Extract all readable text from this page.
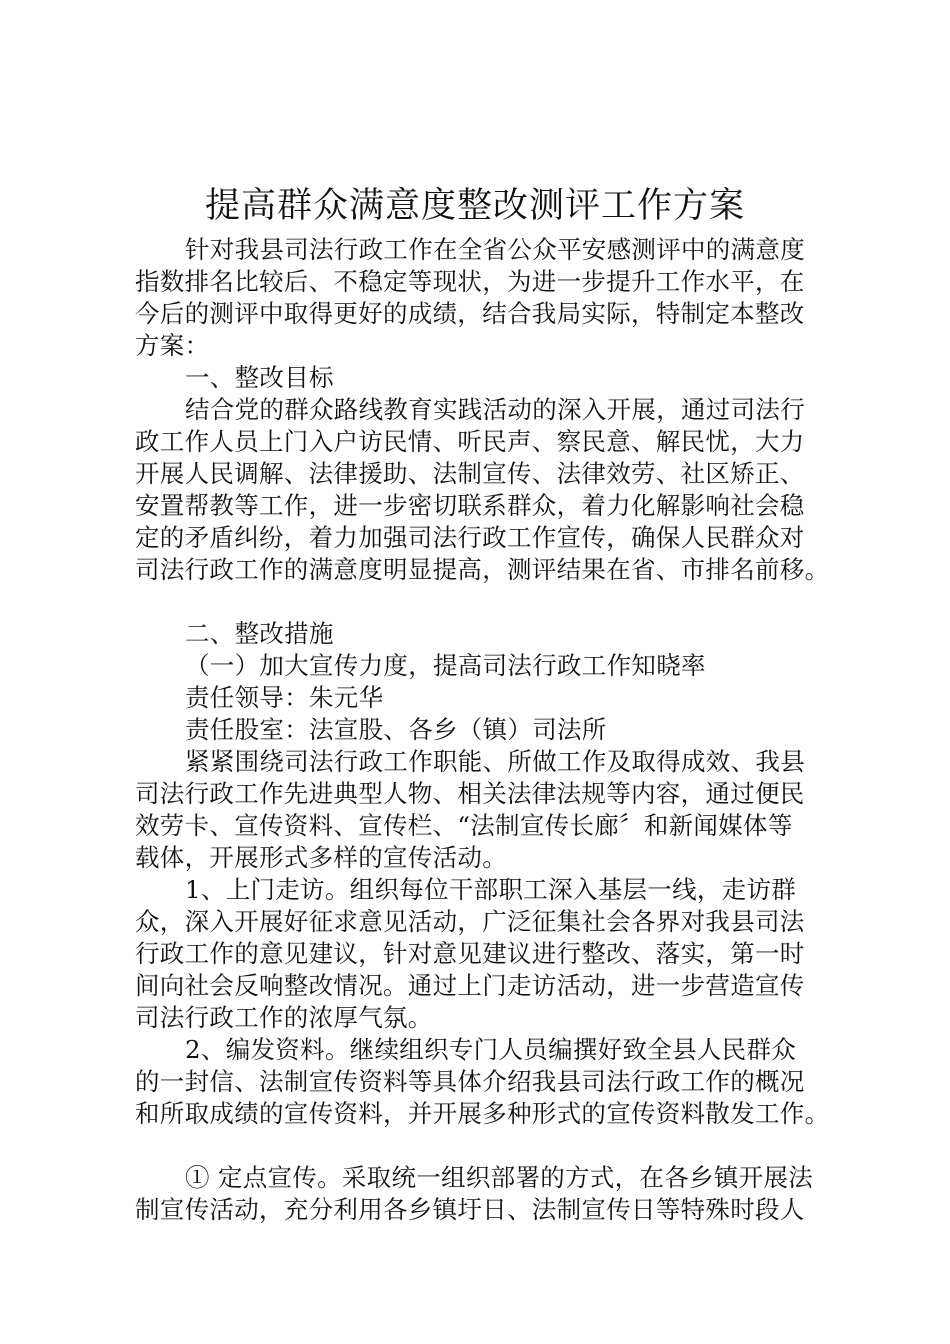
提高群众满意度整改测评工作方案
针对我县司法行政工作在全省公众平安感测评中的满意度
指数排名比较后、不稳定等现状，为进一步提升工作水平，在
今后的测评中取得更好的成绩，结合我局实际，特制定本整改
方案：
一、整改目标
结合党的群众路线教育实践活动的深入开展，通过司法行
政工作人员上门入户访民情、听民声、察民意、解民忧，大力
开展人民调解、法律援助、法制宣传、法律效劳、社区矫正、
安置帮教等工作，进一步密切联系群众，着力化解影响社会稳
定的矛盾纠纷，着力加强司法行政工作宣传，确保人民群众对
司法行政工作的满意度明显提高，测评结果在省、市排名前移。
二、整改措施
（一）加大宣传力度，提高司法行政工作知晓率
责任领导：朱元华
责任股室：法宣股、各乡（镇）司法所
紧紧围绕司法行政工作职能、所做工作及取得成效、我县
司法行政工作先进典型人物、相关法律法规等内容，通过便民
效劳卡、宣传资料、宣传栏、“法制宣传长廊〞和新闻媒体等
载体，开展形式多样的宣传活动。
1、上门走访。组织每位干部职工深入基层一线，走访群
众，深入开展好征求意见活动，广泛征集社会各界对我县司法
行政工作的意见建议，针对意见建议进行整改、落实，第一时
间向社会反响整改情况。通过上门走访活动，进一步营造宣传
司法行政工作的浓厚气氛。
2、编发资料。继续组织专门人员编撰好致全县人民群众
的一封信、法制宣传资料等具体介绍我县司法行政工作的概况
和所取成绩的宣传资料，并开展多种形式的宣传资料散发工作。
① 定点宣传。采取统一组织部署的方式，在各乡镇开展法
制宣传活动，充分利用各乡镇圩日、法制宣传日等特殊时段人
